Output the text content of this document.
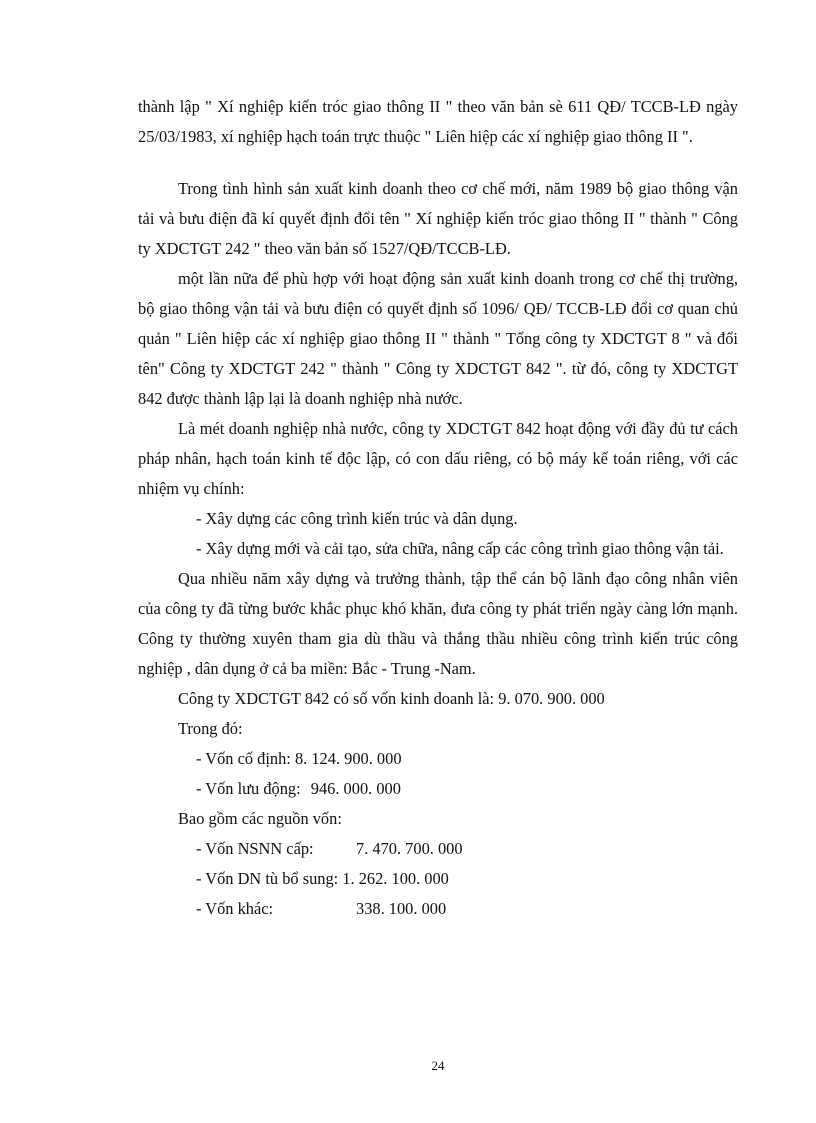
thành lập " Xí nghiệp kiến tróc giao thông II " theo văn bản sè 611 QĐ/ TCCB-LĐ ngày 25/03/1983, xí nghiệp hạch toán trực thuộc " Liên hiệp các xí nghiệp giao thông II ".

Trong tình hình sản xuất kinh doanh theo cơ chế mới, năm 1989 bộ giao thông vận tải và bưu điện đã kí quyết định đổi tên " Xí nghiệp kiến tróc giao thông II " thành " Công ty XDCTGT 242 " theo văn bản số 1527/QĐ/TCCB-LĐ.

một lần nữa để phù hợp với hoạt động sản xuất kinh doanh trong cơ chế thị trường, bộ giao thông vận tải và bưu điện có quyết định số 1096/ QĐ/ TCCB-LĐ đổi cơ quan chủ quản " Liên hiệp các xí nghiệp giao thông II " thành " Tổng công ty XDCTGT 8 " và đổi tên" Công ty XDCTGT 242 " thành " Công ty XDCTGT 842 ". từ đó, công ty XDCTGT 842 được thành lập lại là doanh nghiệp nhà nước.

Là mét doanh nghiệp nhà nước, công ty XDCTGT 842 hoạt động với đầy đủ tư cách pháp nhân, hạch toán kinh tế độc lập, có con dấu riêng, có bộ máy kế toán riêng, với các nhiệm vụ chính:

- Xây dựng các công trình kiến trúc và dân dụng.

- Xây dựng mới và cải tạo, sửa chữa, nâng cấp các công trình giao thông vận tải.

Qua nhiều năm xây dựng và trưởng thành, tập thể cán bộ lãnh đạo công nhân viên của công ty đã từng bước khắc phục khó khăn, đưa công ty phát triển ngày càng lớn mạnh. Công ty thường xuyên tham gia dù thầu và thắng thầu nhiều công trình kiến trúc công nghiệp , dân dụng ở cả ba miền: Bắc - Trung -Nam.

Công ty XDCTGT 842 có số vốn kinh doanh là: 9. 070. 900. 000

Trong đó:

- Vốn cố định: 8. 124. 900. 000

- Vốn lưu động: 946. 000. 000

Bao gồm các nguồn vốn:

- Vốn NSNN cấp:	7. 470. 700. 000

- Vốn DN tù bổ sung: 1. 262. 100. 000

- Vốn khác:	338. 100. 000

24
